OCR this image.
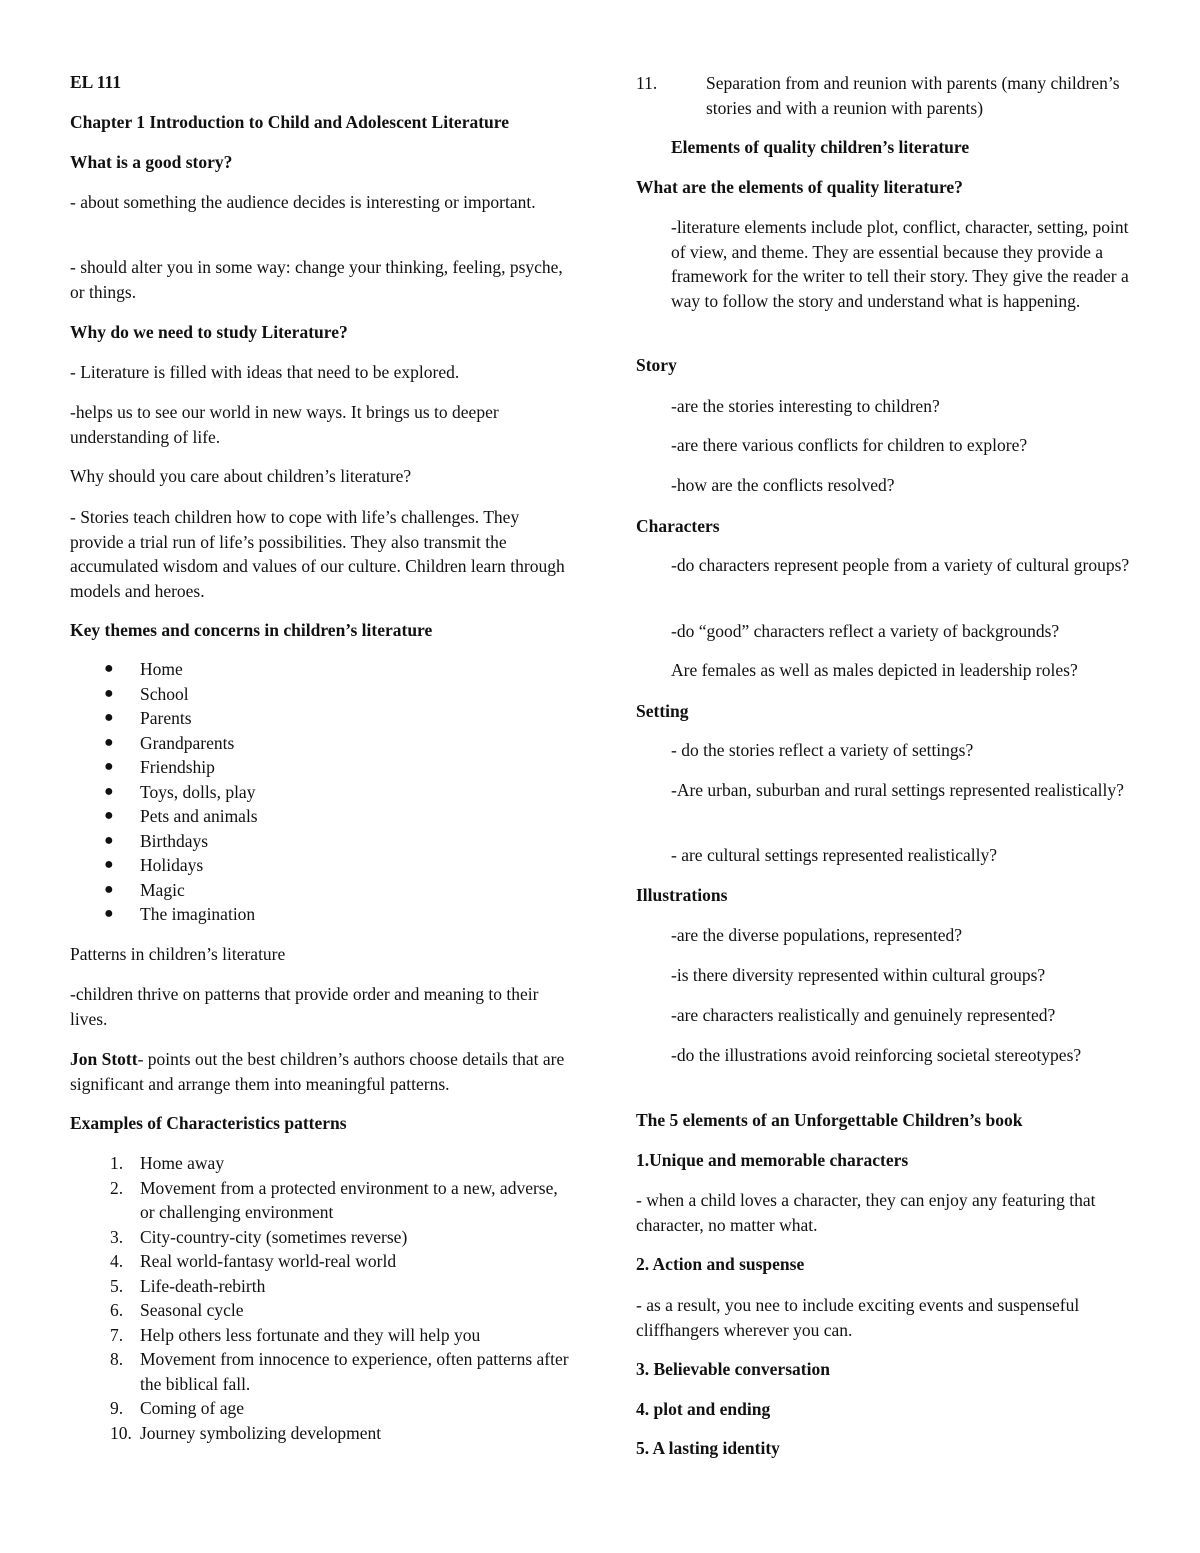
EL 111
Chapter 1 Introduction to Child and Adolescent Literature
What is a good story?
- about something the audience decides is interesting or important.
- should alter you in some way: change your thinking, feeling, psyche, or things.
Why do we need to study Literature?
- Literature is filled with ideas that need to be explored.
-helps us to see our world in new ways. It brings us to deeper understanding of life.
Why should you care about children’s literature?
- Stories teach children how to cope with life’s challenges. They provide a trial run of life’s possibilities. They also transmit the accumulated wisdom and values of our culture. Children learn through models and heroes.
Key themes and concerns in children’s literature
● Home
● School
● Parents
● Grandparents
● Friendship
● Toys, dolls, play
● Pets and animals
● Birthdays
● Holidays
● Magic
● The imagination
Patterns in children’s literature
-children thrive on patterns that provide order and meaning to their lives.
Jon Stott- points out the best children’s authors choose details that are significant and arrange them into meaningful patterns.
Examples of Characteristics patterns
1. Home away
2. Movement from a protected environment to a new, adverse, or challenging environment
3. City-country-city (sometimes reverse)
4. Real world-fantasy world-real world
5. Life-death-rebirth
6. Seasonal cycle
7. Help others less fortunate and they will help you
8. Movement from innocence to experience, often patterns after the biblical fall.
9. Coming of age
10. Journey symbolizing development
11.	Separation from and reunion with parents (many children’s stories and with a reunion with parents)
Elements of quality children’s literature
What are the elements of quality literature?
-literature elements include plot, conflict, character, setting, point of view, and theme. They are essential because they provide a framework for the writer to tell their story. They give the reader a way to follow the story and understand what is happening.
Story
-are the stories interesting to children?
-are there various conflicts for children to explore?
-how are the conflicts resolved?
Characters
-do characters represent people from a variety of cultural groups?
-do “good” characters reflect a variety of backgrounds?
Are females as well as males depicted in leadership roles?
Setting
- do the stories reflect a variety of settings?
-Are urban, suburban and rural settings represented realistically?
- are cultural settings represented realistically?
Illustrations
-are the diverse populations, represented?
-is there diversity represented within cultural groups?
-are characters realistically and genuinely represented?
-do the illustrations avoid reinforcing societal stereotypes?
The 5 elements of an Unforgettable Children’s book
1.Unique and memorable characters
- when a child loves a character, they can enjoy any featuring that character, no matter what.
2. Action and suspense
- as a result, you nee to include exciting events and suspenseful cliffhangers wherever you can.
3. Believable conversation
4. plot and ending
5. A lasting identity
